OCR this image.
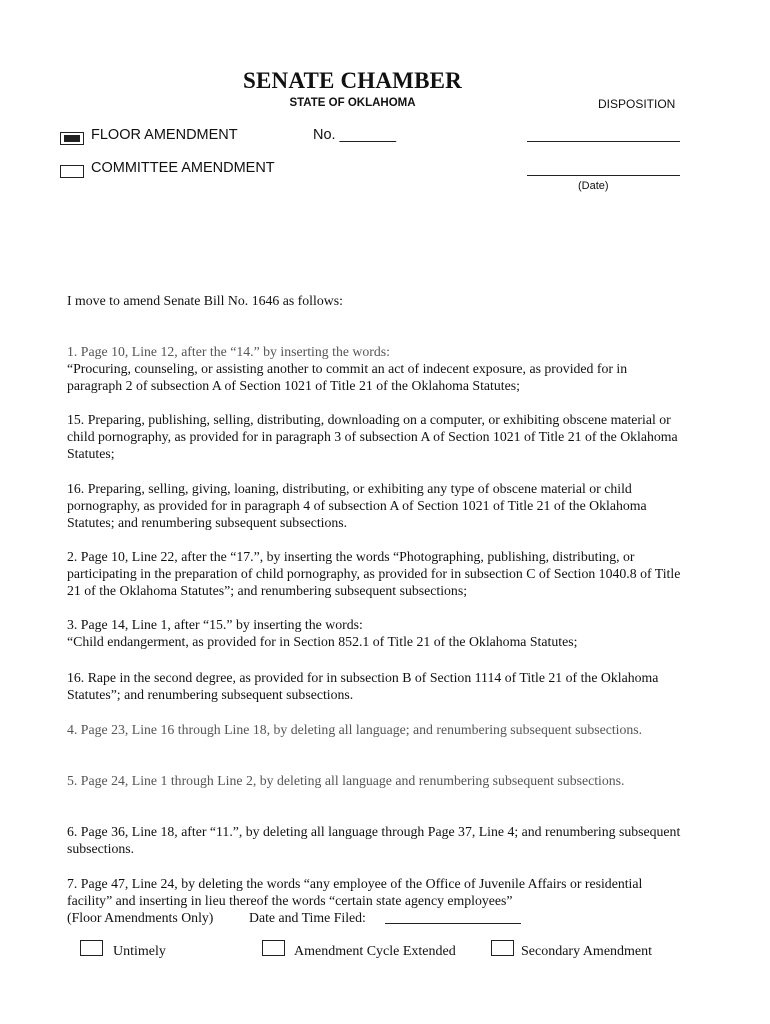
SENATE CHAMBER
STATE OF OKLAHOMA	DISPOSITION
FLOOR AMENDMENT	No. _______
COMMITTEE AMENDMENT
(Date)
I move to amend Senate Bill No. 1646 as follows:
1. Page 10, Line 12, after the “14.” by inserting the words:
“Procuring, counseling, or assisting another to commit an act of indecent exposure, as provided for in paragraph 2 of subsection A of Section 1021 of Title 21 of the Oklahoma Statutes;
15. Preparing, publishing, selling, distributing, downloading on a computer, or exhibiting obscene material or child pornography, as provided for in paragraph 3 of subsection A of Section 1021 of Title 21 of the Oklahoma Statutes;
16. Preparing, selling, giving, loaning, distributing, or exhibiting any type of obscene material or child pornography, as provided for in paragraph 4 of subsection A of Section 1021 of Title 21 of the Oklahoma Statutes; and renumbering subsequent subsections.
2. Page 10, Line 22, after the “17.”, by inserting the words “Photographing, publishing, distributing, or participating in the preparation of child pornography, as provided for in subsection C of Section 1040.8 of Title 21 of the Oklahoma Statutes”; and renumbering subsequent subsections;
3. Page 14, Line 1, after “15.” by inserting the words:
“Child endangerment, as provided for in Section 852.1 of Title 21 of the Oklahoma Statutes;
16. Rape in the second degree, as provided for in subsection B of Section 1114 of Title 21 of the Oklahoma Statutes”; and renumbering subsequent subsections.
4. Page 23, Line 16 through Line 18, by deleting all language; and renumbering subsequent subsections.
5. Page 24, Line 1 through Line 2, by deleting all language and renumbering subsequent subsections.
6. Page 36, Line 18, after “11.”, by deleting all language through Page 37, Line 4; and renumbering subsequent subsections.
7. Page 47, Line 24, by deleting the words “any employee of the Office of Juvenile Affairs or residential facility” and inserting in lieu thereof the words “certain state agency employees”
(Floor Amendments Only)	Date and Time Filed:
Untimely	Amendment Cycle Extended	Secondary Amendment
